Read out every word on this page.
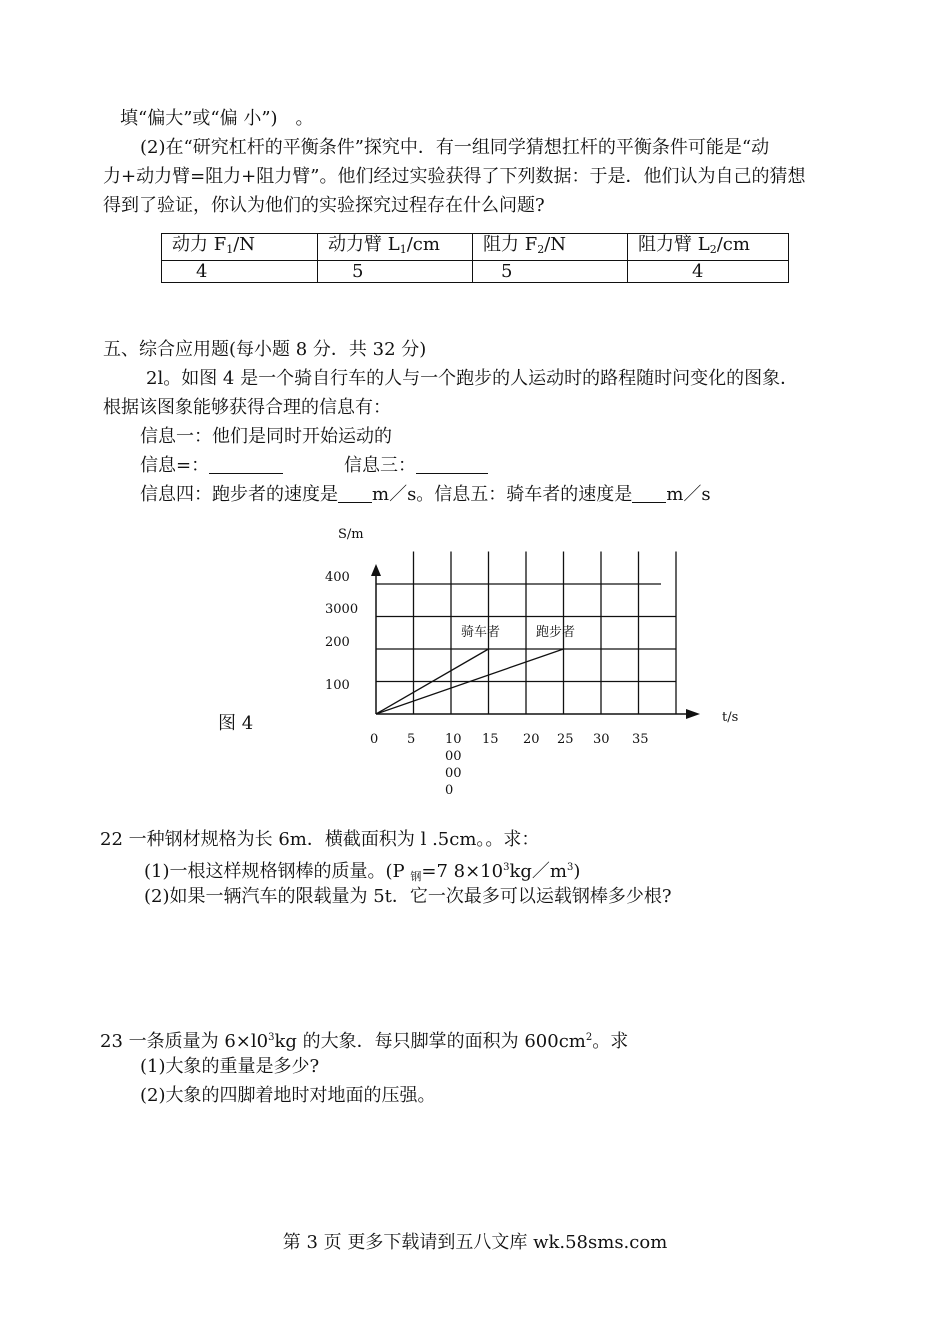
填“偏大”或“偏 小”)　。
(2)在“研究杠杆的平衡条件”探究中．有一组同学猜想扛杆的平衡条件可能是“动
力+动力臂=阻力+阻力臂”。他们经过实验获得了下列数据：于是．他们认为自己的猜想
得到了验证，你认为他们的实验探究过程存在什么问题?
动力 $F_1/N$	动力臂 $L_1/cm$	阻力 $F_2/N$	阻力臂 $L_2/cm$
4	5	5	4
五、综合应用题(每小题 8 分．共 32 分)
2l。如图 4 是一个骑自行车的人与一个跑步的人运动时的路程随时问变化的图象．
根据该图象能够获得合理的信息有：
信息一：他们是同时开始运动的
信息=：	信息三：
信息四：跑步者的速度是 m／s。信息五：骑车者的速度是 m／s
S/m
t/s
图 4
100
200
3000
400
0 5 10 15 20 25 30 35
00
00
0
骑车者	跑步者
22 一种钢材规格为长 6m．横截面积为 l .5cm。。求：
(1)一根这样规格钢棒的质量。(P $_钢$=7 $8\times 10^3kg/m^3$)
(2)如果一辆汽车的限载量为 5t．它一次最多可以运载钢棒多少根?
23 一条质量为 $6\times l0^3kg$ 的大象．每只脚掌的面积为 $600cm^2$。求
(1)大象的重量是多少?
(2)大象的四脚着地时对地面的压强。
第 3 页 更多下载请到五八文库 wk.58sms.com
